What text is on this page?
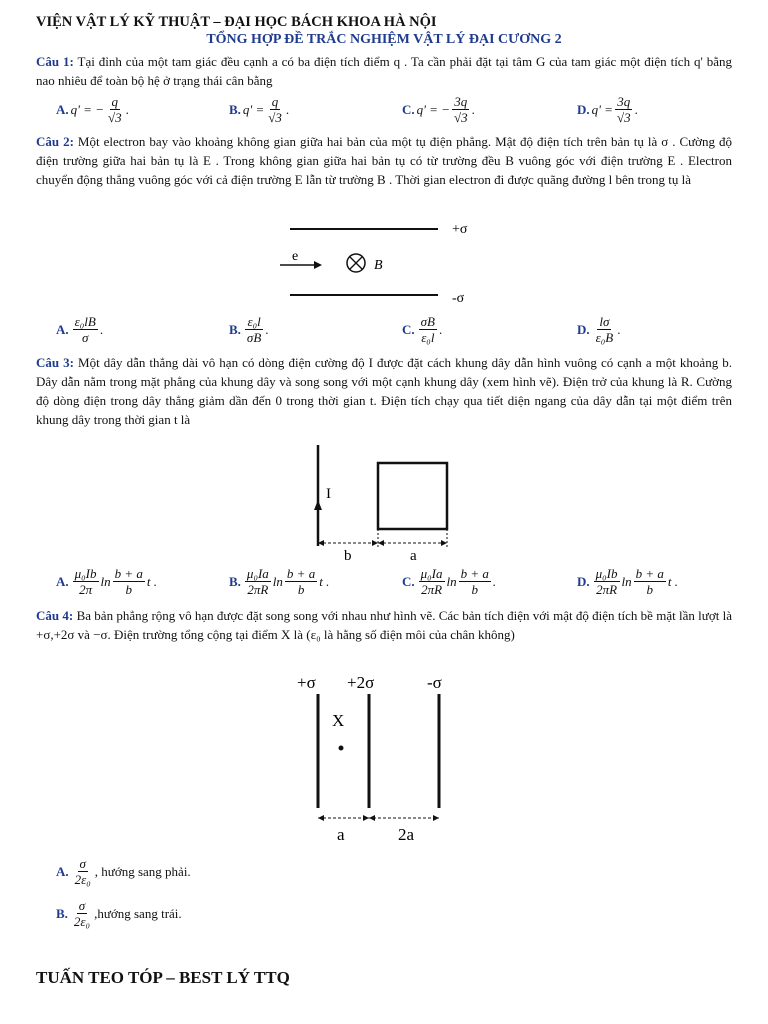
VIỆN VẬT LÝ KỸ THUẬT – ĐẠI HỌC BÁCH KHOA HÀ NỘI
TỔNG HỢP ĐỀ TRẮC NGHIỆM VẬT LÝ ĐẠI CƯƠNG 2
Câu 1: Tại đỉnh của một tam giác đều cạnh a có ba điện tích điểm q . Ta cần phải đặt tại tâm G của tam giác một điện tích q' bằng nao nhiêu để toàn bộ hệ ở trạng thái cân bằng
A. q' = − $\frac{q}{√3}$ .	B. $q' = \frac{q}{√3}$ .	C. q' = − $\frac{3q}{√3}$ .	D. $q' = \frac{3q}{√3}$ .
Câu 2: Một electron bay vào khoảng không gian giữa hai bản của một tụ điện phẳng. Mật độ điện tích trên bản tụ là σ . Cường độ điện trường giữa hai bản tụ là E . Trong không gian giữa hai bản tụ có từ trường đều B vuông góc với điện trường E . Electron chuyển động thẳng vuông góc với cả điện trường E lẫn từ trường B . Thời gian electron đi được quãng đường l bên trong tụ là
+σ
e
B
-σ
A. $\frac{\text{ε₀lB}}{\sigma}$ .	B. $\frac{\text{ε₀l}}{\sigma B}$ .	C. $\frac{\sigma B}{\text{ε₀l}}$ .	D. $\frac{l\sigma}{\text{ε₀B}}$ .
Câu 3: Một dây dẫn thẳng dài vô hạn có dòng điện cường độ I được đặt cách khung dây dẫn hình vuông có cạnh a một khoảng b. Dây dẫn nằm trong mặt phẳng của khung dây và song song với một cạnh khung dây (xem hình vẽ). Điện trở của khung là R. Cường độ dòng điện trong dây thẳng giảm dần đến 0 trong thời gian t. Điện tích chạy qua tiết diện ngang của dây dẫn tại một điểm trên khung dây trong thời gian t là
I
b	a
A. $\frac{\text{μ₀Ib}}{2\pi}$ $\ln \frac{b + a}{b}$ t .	B. $\frac{\text{μ₀Ia}}{2\pi R}$ $\ln \frac{b + a}{b}$ t .	C. $\frac{\text{μ₀Ia}}{2\pi R}$ $\ln \frac{b + a}{b}$ .	D. $\frac{\text{μ₀Ib}}{2\pi R}$ $\ln \frac{b + a}{b}$ t .
Câu 4: Ba bản phẳng rộng vô hạn được đặt song song với nhau như hình vẽ. Các bản tích điện với mật độ điện tích bề mặt lần lượt là +σ,+2σ và −σ. Điện trường tổng cộng tại điểm X là (ε₀ là hằng số điện môi của chân không)
+σ +2σ	-σ
X
a	2a
A. $\frac{\sigma}{\text{2ε₀}}$ , hướng sang phải.
B. $\frac{\sigma}{\text{2ε₀}}$ ,hướng sang trái.
TUẤN TEO TÓP – BEST LÝ TTQ
